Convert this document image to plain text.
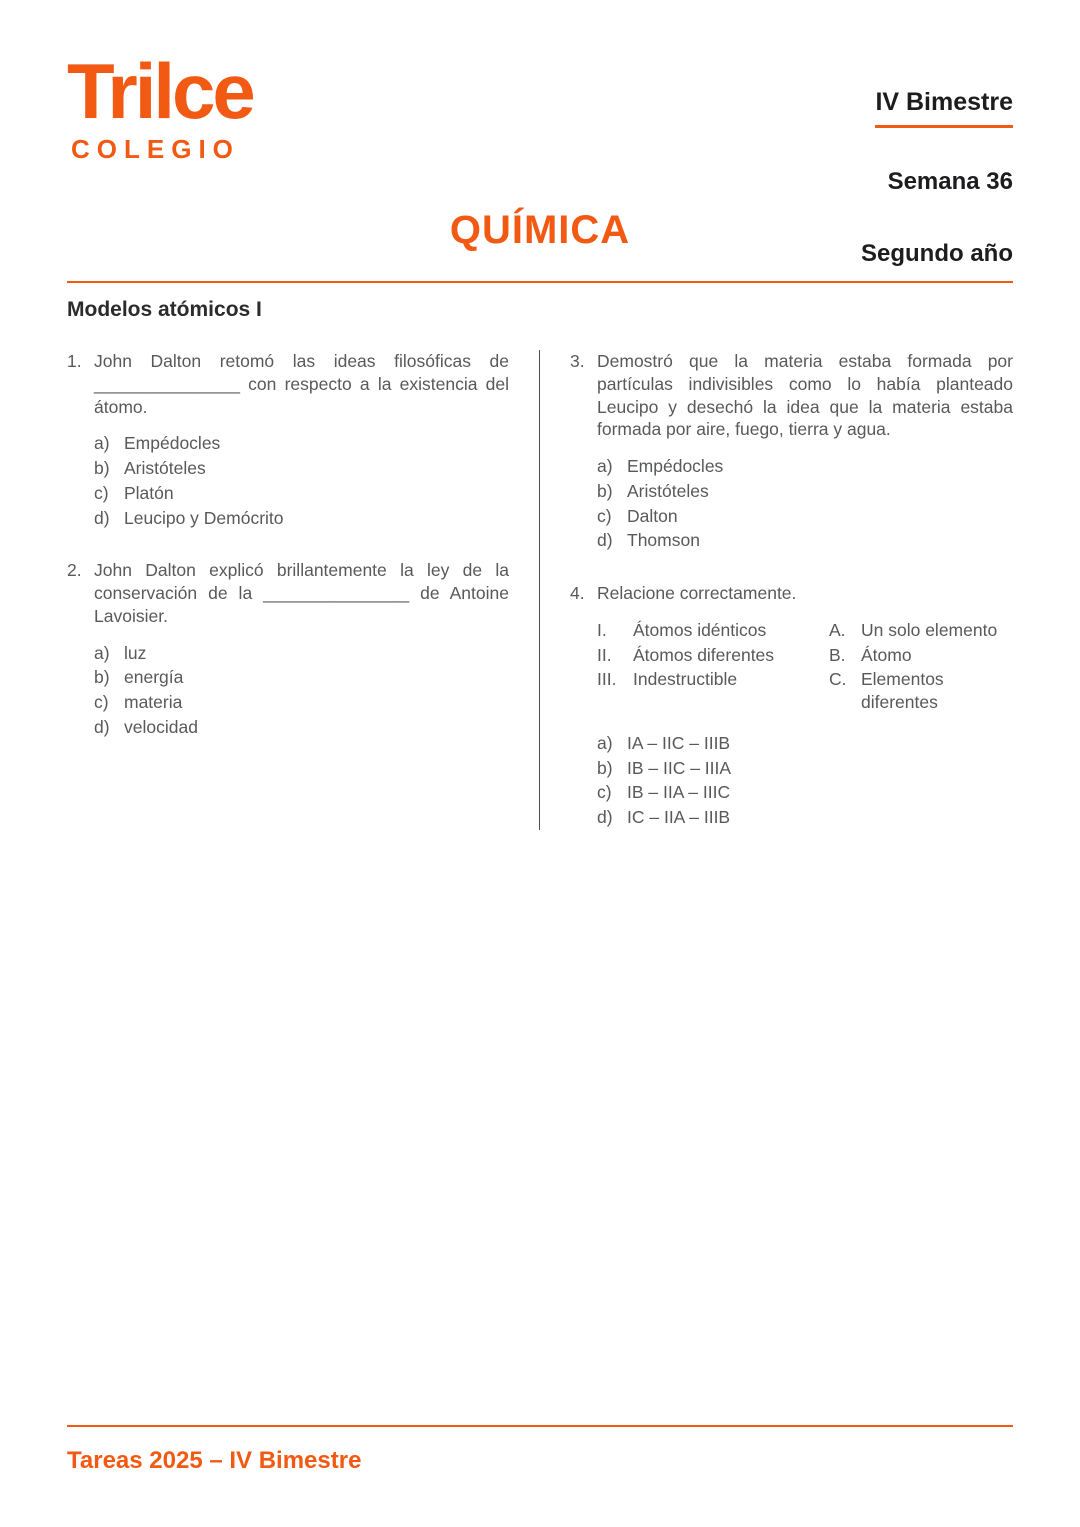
Trilce
COLEGIO
QUÍMICA
IV Bimestre
Semana 36
Segundo año
Modelos atómicos I
1. John Dalton retomó las ideas filosóficas de _______________ con respecto a la existencia del átomo.

a) Empédocles
b) Aristóteles
c) Platón
d) Leucipo y Demócrito
2. John Dalton explicó brillantemente la ley de la conservación de la _______________ de Antoine Lavoisier.

a) luz
b) energía
c) materia
d) velocidad
3. Demostró que la materia estaba formada por partículas indivisibles como lo había planteado Leucipo y desechó la idea que la materia estaba formada por aire, fuego, tierra y agua.

a) Empédocles
b) Aristóteles
c) Dalton
d) Thomson
4. Relacione correctamente.

I.	Átomos idénticos	A. Un solo elemento
II.	Átomos diferentes	B. Átomo
III. Indestructible	C. Elementos diferentes
a) IA – IIC – IIIB
b) IB – IIC – IIIA
c) IB – IIA – IIIC
d) IC – IIA – IIIB
Tareas 2025 – IV Bimestre
